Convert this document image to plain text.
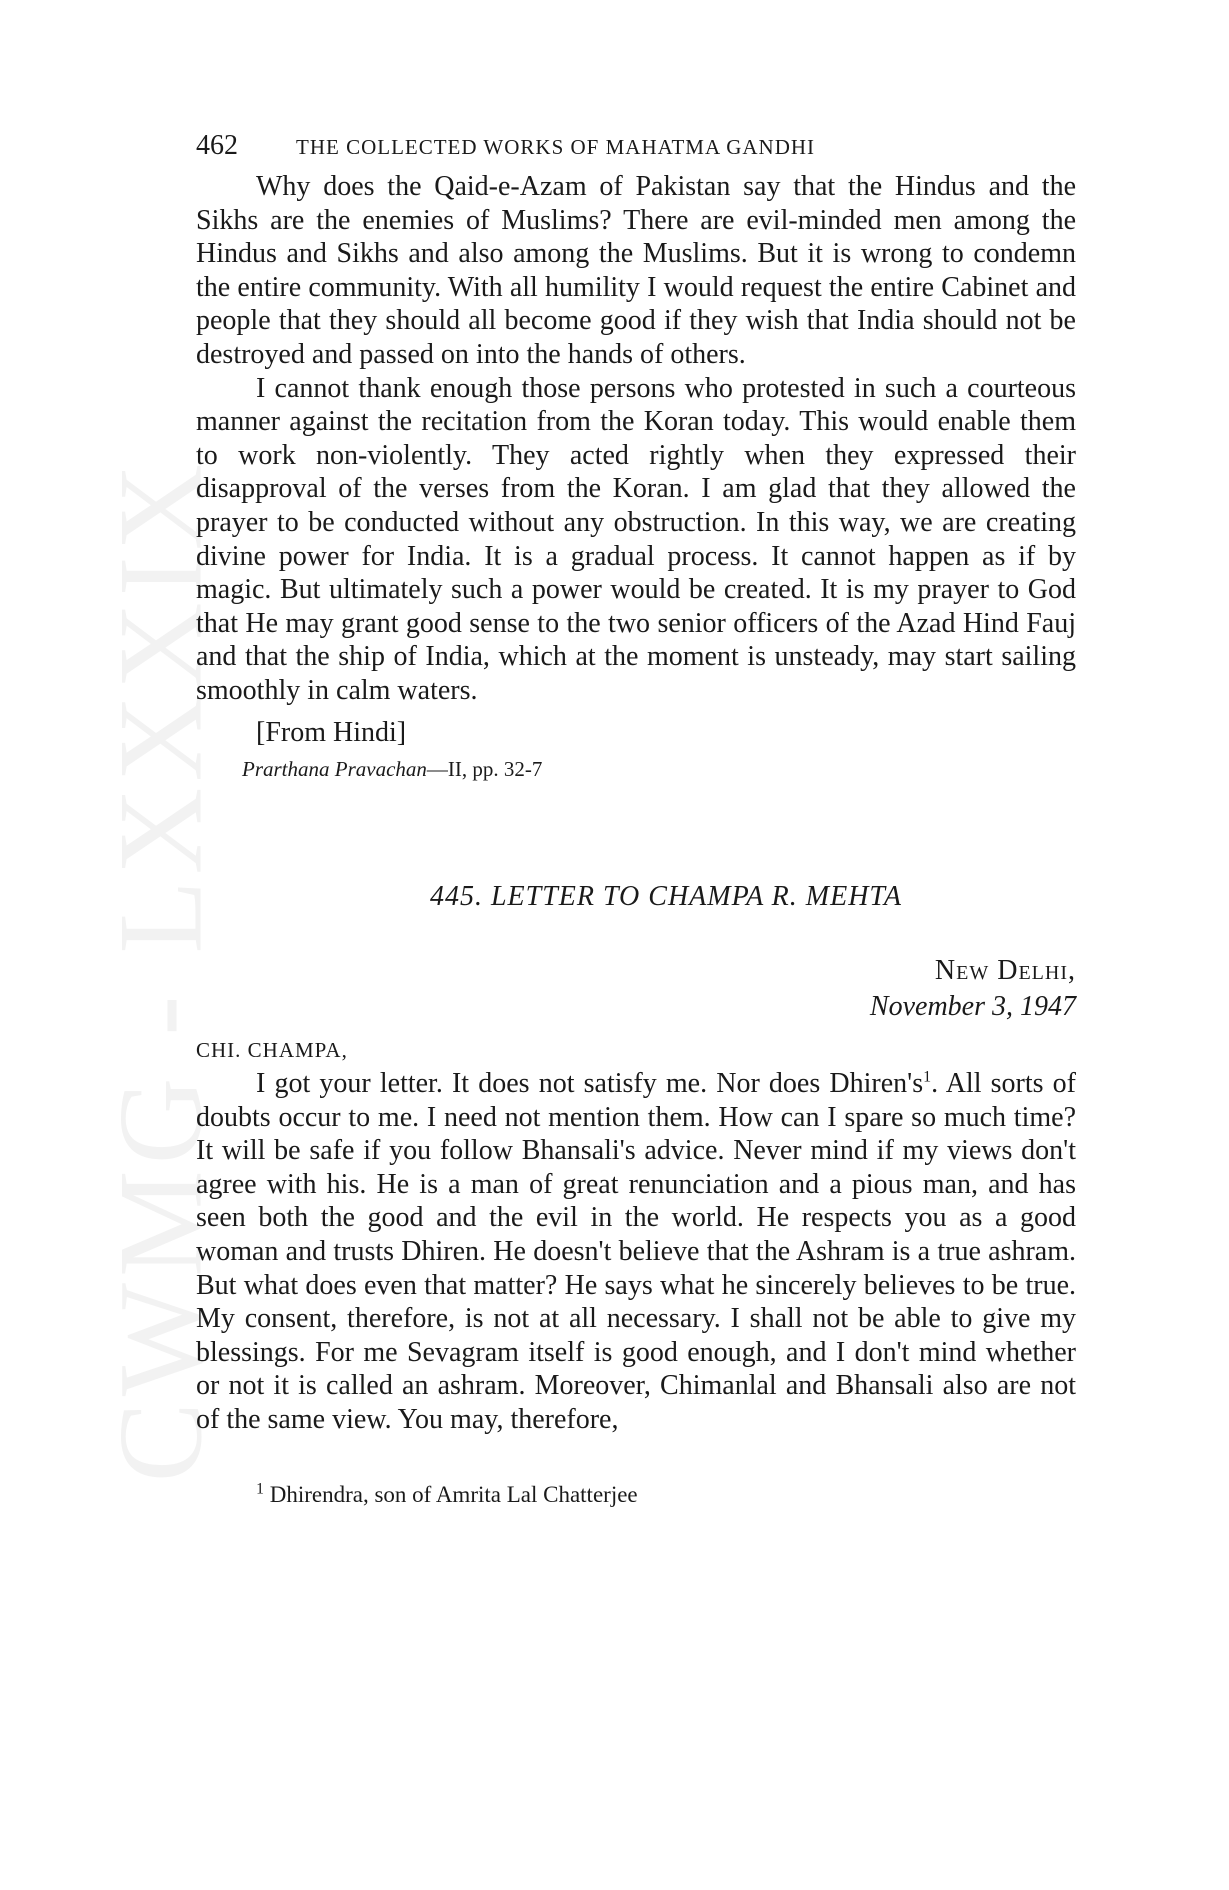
CWMG - LXXXIX
462	THE COLLECTED WORKS OF MAHATMA GANDHI

Why does the Qaid-e-Azam of Pakistan say that the Hindus and the Sikhs are the enemies of Muslims? There are evil-minded men among the Hindus and Sikhs and also among the Muslims. But it is wrong to condemn the entire community. With all humility I would request the entire Cabinet and people that they should all become good if they wish that India should not be destroyed and passed on into the hands of others.

I cannot thank enough those persons who protested in such a courteous manner against the recitation from the Koran today. This would enable them to work non-violently. They acted rightly when they expressed their disapproval of the verses from the Koran. I am glad that they allowed the prayer to be conducted without any obstruction. In this way, we are creating divine power for India. It is a gradual process. It cannot happen as if by magic. But ultimately such a power would be created. It is my prayer to God that He may grant good sense to the two senior officers of the Azad Hind Fauj and that the ship of India, which at the moment is unsteady, may start sailing smoothly in calm waters.

[From Hindi]

Prarthana Pravachan—II, pp. 32-7
445. LETTER TO CHAMPA R. MEHTA
New Delhi,
November 3, 1947
CHI. CHAMPA,

I got your letter. It does not satisfy me. Nor does $Dhiren's^1$. All sorts of doubts occur to me. I need not mention them. How can I spare so much time? It will be safe if you follow Bhansali's advice. Never mind if my views don't agree with his. He is a man of great renunciation and a pious man, and has seen both the good and the evil in the world. He respects you as a good woman and trusts Dhiren. He doesn't believe that the Ashram is a true ashram. But what does even that matter? He says what he sincerely believes to be true. My consent, therefore, is not at all necessary. I shall not be able to give my blessings. For me Sevagram itself is good enough, and I don't mind whether or not it is called an ashram. Moreover, Chimanlal and Bhansali also are not of the same view. You may, therefore,

$^1$ Dhirendra, son of Amrita Lal Chatterjee
